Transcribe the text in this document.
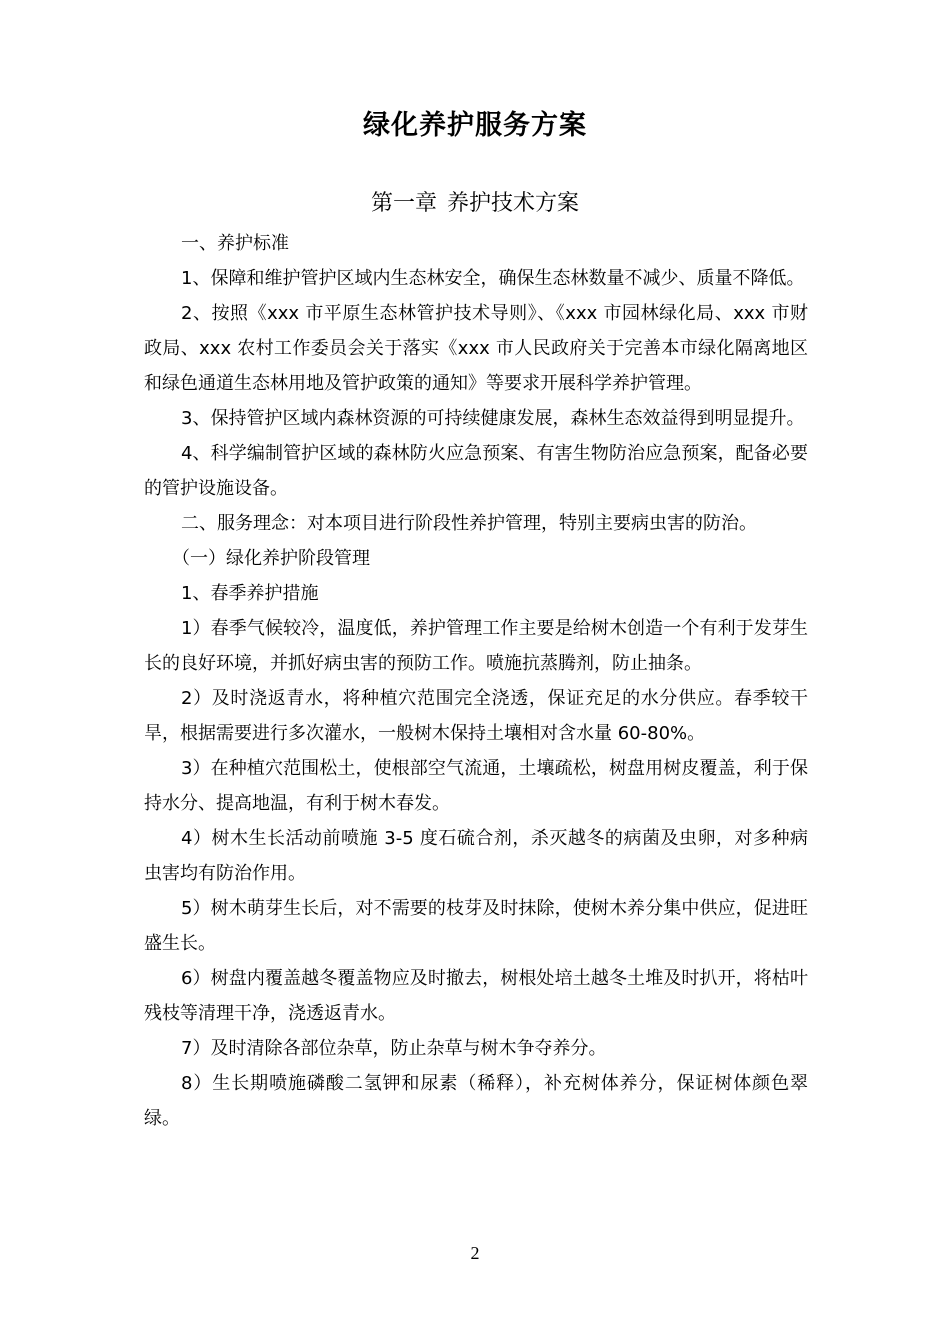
绿化养护服务方案
第一章 养护技术方案

一、养护标准

1、保障和维护管护区域内生态林安全，确保生态林数量不减少、质量不降低。

2、按照《xxx 市平原生态林管护技术导则》、《xxx 市园林绿化局、xxx 市财政局、xxx 农村工作委员会关于落实《xxx 市人民政府关于完善本市绿化隔离地区和绿色通道生态林用地及管护政策的通知》等要求开展科学养护管理。

3、保持管护区域内森林资源的可持续健康发展，森林生态效益得到明显提升。

4、科学编制管护区域的森林防火应急预案、有害生物防治应急预案，配备必要的管护设施设备。

二、服务理念：对本项目进行阶段性养护管理，特别主要病虫害的防治。

（一）绿化养护阶段管理

1、春季养护措施

1）春季气候较冷，温度低，养护管理工作主要是给树木创造一个有利于发芽生长的良好环境，并抓好病虫害的预防工作。喷施抗蒸腾剂，防止抽条。

2）及时浇返青水，将种植穴范围完全浇透，保证充足的水分供应。春季较干旱，根据需要进行多次灌水，一般树木保持土壤相对含水量 60-80%。

3）在种植穴范围松土，使根部空气流通，土壤疏松，树盘用树皮覆盖，利于保持水分、提高地温，有利于树木春发。

4）树木生长活动前喷施 3-5 度石硫合剂，杀灭越冬的病菌及虫卵，对多种病虫害均有防治作用。

5）树木萌芽生长后，对不需要的枝芽及时抹除，使树木养分集中供应，促进旺盛生长。

6）树盘内覆盖越冬覆盖物应及时撤去，树根处培土越冬土堆及时扒开，将枯叶残枝等清理干净，浇透返青水。

7）及时清除各部位杂草，防止杂草与树木争夺养分。

8）生长期喷施磷酸二氢钾和尿素（稀释），补充树体养分，保证树体颜色翠绿。

2
